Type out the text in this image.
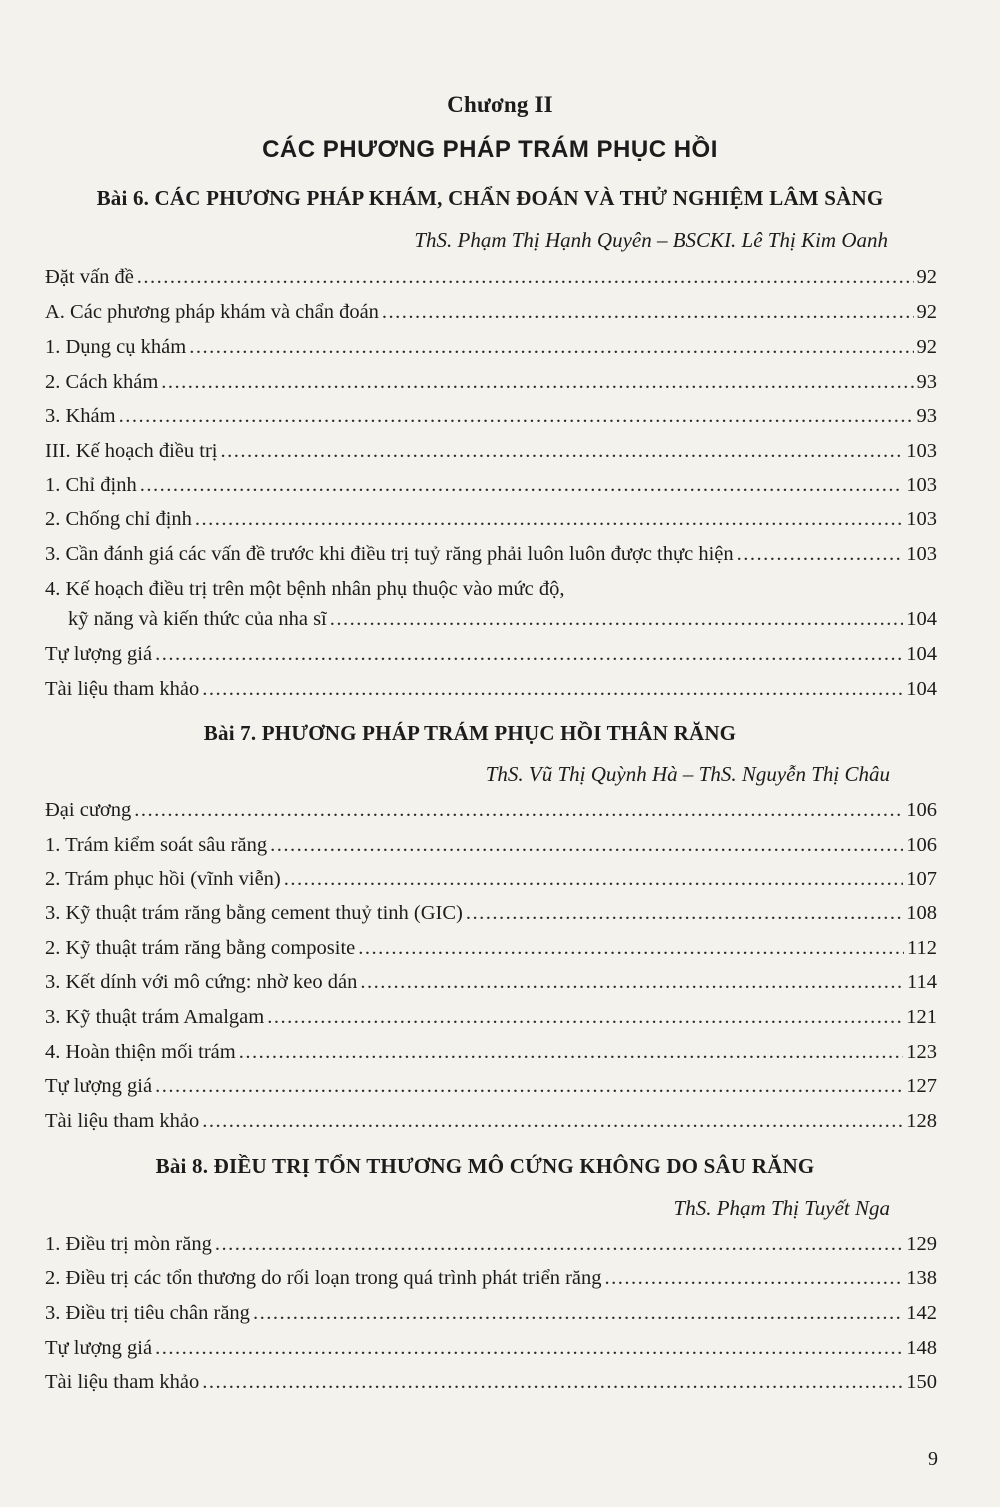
Chương II
CÁC PHƯƠNG PHÁP TRÁM PHỤC HỒI
Bài 6. CÁC PHƯƠNG PHÁP KHÁM, CHẨN ĐOÁN VÀ THỬ NGHIỆM LÂM SÀNG
ThS. Phạm Thị Hạnh Quyên – BSCKI. Lê Thị Kim Oanh
Đặt vấn đề .....	92
A. Các phương pháp khám và chẩn đoán .....	92
1. Dụng cụ khám .....	92
2. Cách khám .....	93
3. Khám .....	93
III. Kế hoạch điều trị .....	103
1. Chỉ định .....	103
2. Chống chỉ định .....	103
3. Cần đánh giá các vấn đề trước khi điều trị tuỷ răng phải luôn luôn được thực hiện .....	103
4. Kế hoạch điều trị trên một bệnh nhân phụ thuộc vào mức độ,
kỹ năng và kiến thức của nha sĩ .....	104
Tự lượng giá .....	104
Tài liệu tham khảo .....	104
Bài 7. PHƯƠNG PHÁP TRÁM PHỤC HỒI THÂN RĂNG
ThS. Vũ Thị Quỳnh Hà – ThS. Nguyễn Thị Châu
Đại cương .....	106
1. Trám kiểm soát sâu răng .....	106
2. Trám phục hồi (vĩnh viễn) .....	107
3. Kỹ thuật trám răng bằng cement thuỷ tinh (GIC) .....	108
2. Kỹ thuật trám răng bằng composite .....	112
3. Kết dính với mô cứng: nhờ keo dán .....	114
3. Kỹ thuật trám Amalgam .....	121
4. Hoàn thiện mối trám .....	123
Tự lượng giá .....	127
Tài liệu tham khảo .....	128
Bài 8. ĐIỀU TRỊ TỔN THƯƠNG MÔ CỨNG KHÔNG DO SÂU RĂNG
ThS. Phạm Thị Tuyết Nga
1. Điều trị mòn răng .....	129
2. Điều trị các tổn thương do rối loạn trong quá trình phát triển răng .....	138
3. Điều trị tiêu chân răng .....	142
Tự lượng giá .....	148
Tài liệu tham khảo .....	150
9
